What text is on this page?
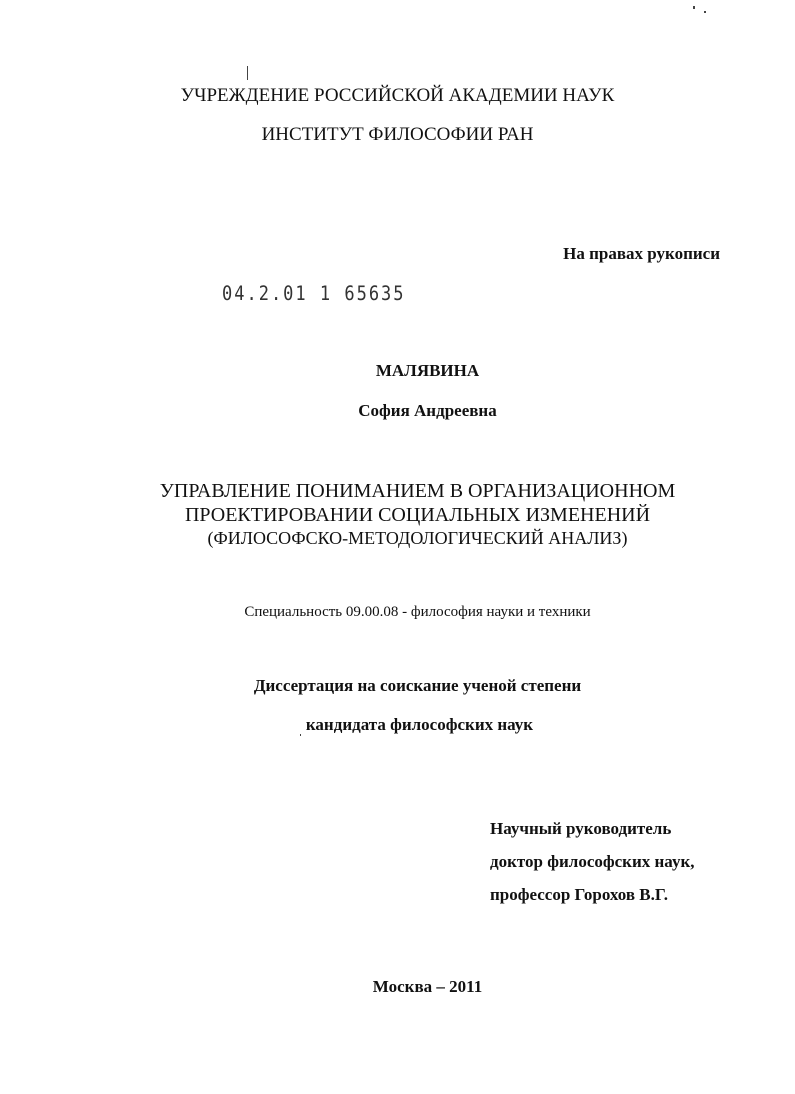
УЧРЕЖДЕНИЕ РОССИЙСКОЙ АКАДЕМИИ НАУК
ИНСТИТУТ ФИЛОСОФИИ РАН
На правах рукописи
04.2.01 1 65635
МАЛЯВИНА
София Андреевна
УПРАВЛЕНИЕ ПОНИМАНИЕМ В ОРГАНИЗАЦИОННОМ
ПРОЕКТИРОВАНИИ СОЦИАЛЬНЫХ ИЗМЕНЕНИЙ
(ФИЛОСОФСКО-МЕТОДОЛОГИЧЕСКИЙ АНАЛИЗ)
Специальность 09.00.08 - философия науки и техники
Диссертация на соискание ученой степени
кандидата философских наук
Научный руководитель
доктор философских наук,
профессор Горохов В.Г.
Москва – 2011
